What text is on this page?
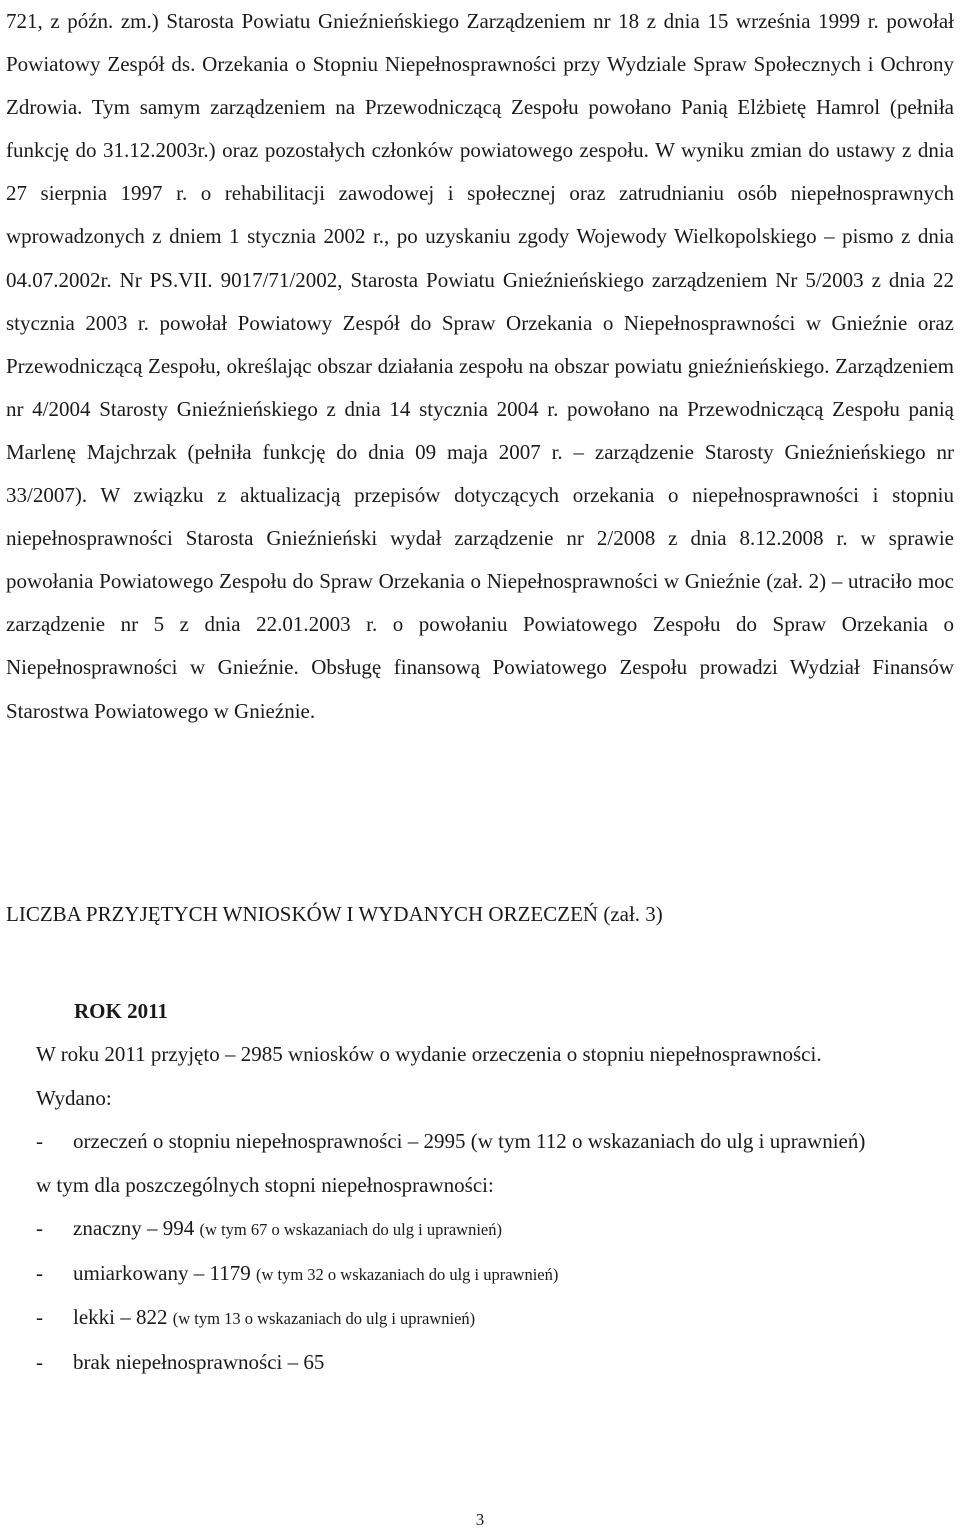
721, z późn. zm.) Starosta Powiatu Gnieźnieńskiego Zarządzeniem nr 18 z dnia 15 września 1999 r. powołał Powiatowy Zespół ds. Orzekania o Stopniu Niepełnosprawności przy Wydziale Spraw Społecznych i Ochrony Zdrowia. Tym samym zarządzeniem na Przewodniczącą Zespołu powołano Panią Elżbietę Hamrol (pełniła funkcję do 31.12.2003r.) oraz pozostałych członków powiatowego zespołu. W wyniku zmian do ustawy z dnia 27 sierpnia 1997 r. o rehabilitacji zawodowej i społecznej oraz zatrudnianiu osób niepełnosprawnych wprowadzonych z dniem 1 stycznia 2002 r., po uzyskaniu zgody Wojewody Wielkopolskiego – pismo z dnia 04.07.2002r. Nr PS.VII. 9017/71/2002, Starosta Powiatu Gnieźnieńskiego zarządzeniem Nr 5/2003 z dnia 22 stycznia 2003 r. powołał Powiatowy Zespół do Spraw Orzekania o Niepełnosprawności w Gnieźnie oraz Przewodniczącą Zespołu, określając obszar działania zespołu na obszar powiatu gnieźnieńskiego. Zarządzeniem nr 4/2004 Starosty Gnieźnieńskiego z dnia 14 stycznia 2004 r. powołano na Przewodniczącą Zespołu panią Marlenę Majchrzak (pełniła funkcję do dnia 09 maja 2007 r. – zarządzenie Starosty Gnieźnieńskiego nr 33/2007). W związku z aktualizacją przepisów dotyczących orzekania o niepełnosprawności i stopniu niepełnosprawności Starosta Gnieźnieński wydał zarządzenie nr 2/2008 z dnia 8.12.2008 r. w sprawie powołania Powiatowego Zespołu do Spraw Orzekania o Niepełnosprawności w Gnieźnie (zał. 2) – utraciło moc zarządzenie nr 5 z dnia 22.01.2003 r. o powołaniu Powiatowego Zespołu do Spraw Orzekania o Niepełnosprawności w Gnieźnie. Obsługę finansową Powiatowego Zespołu prowadzi Wydział Finansów Starostwa Powiatowego w Gnieźnie.

LICZBA PRZYJĘTYCH WNIOSKÓW I WYDANYCH ORZECZEŃ (zał. 3)

ROK 2011

W roku 2011 przyjęto – 2985 wniosków o wydanie orzeczenia o stopniu niepełnosprawności.

Wydano:

-	orzeczeń o stopniu niepełnosprawności – 2995 (w tym 112 o wskazaniach do ulg i uprawnień)

w tym dla poszczególnych stopni niepełnosprawności:

-	znaczny – 994 (w tym 67 o wskazaniach do ulg i uprawnień)
-	umiarkowany – 1179 (w tym 32 o wskazaniach do ulg i uprawnień)
-	lekki – 822 (w tym 13 o wskazaniach do ulg i uprawnień)
-	brak niepełnosprawności – 65
3
